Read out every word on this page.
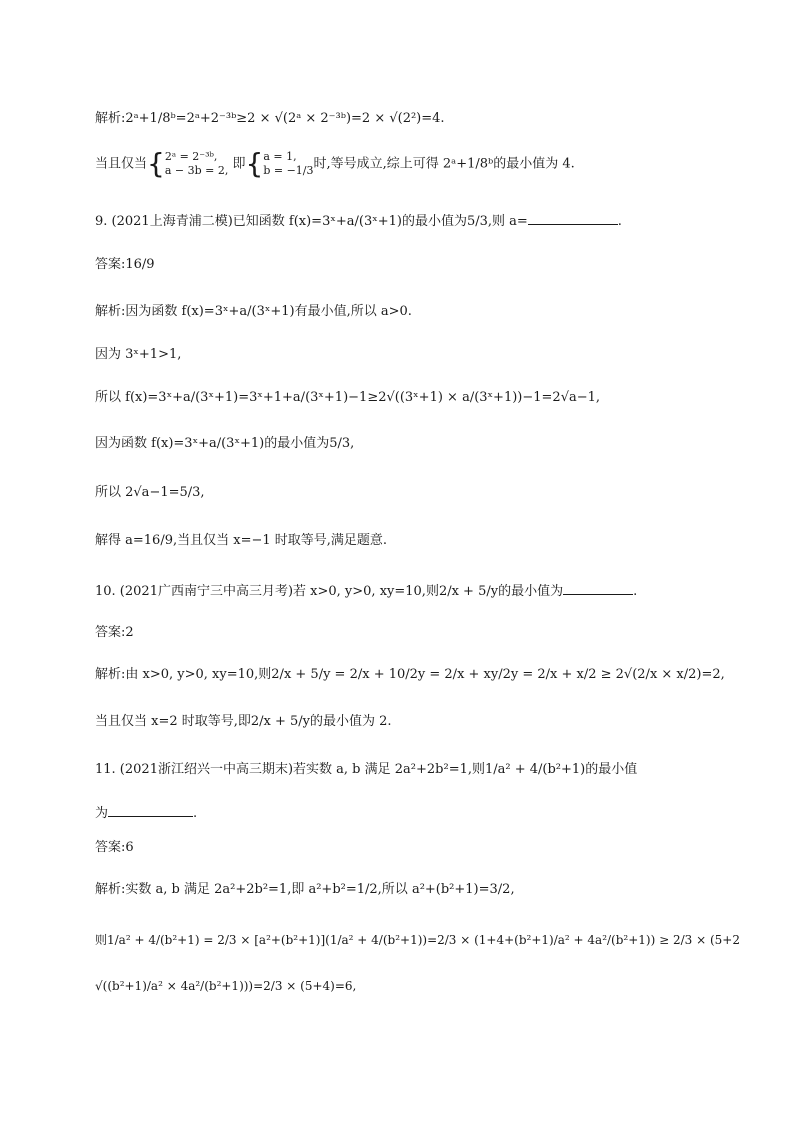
解析:2ᵃ+1/8ᵇ=2ᵃ+2⁻³ᵇ≥2 × √(2ᵃ × 2⁻³ᵇ)=2 × √(2²)=4.
当且仅当{ 2ᵃ = 2⁻³ᵇ,
a − 3b = 2, 即{ a = 1,
b = −1/3 时,等号成立,综上可得 2ᵃ+1/8ᵇ的最小值为 4.
9. (2021上海青浦二模)已知函数 f(x)=3ˣ+a/(3ˣ+1)的最小值为5/3,则 a=	.
答案:16/9
解析:因为函数 f(x)=3ˣ+a/(3ˣ+1)有最小值,所以 a>0.
因为 3ˣ+1>1,
所以 f(x)=3ˣ+a/(3ˣ+1)=3ˣ+1+a/(3ˣ+1)−1≥2√((3ˣ+1) × a/(3ˣ+1))−1=2√a−1,
因为函数 f(x)=3ˣ+a/(3ˣ+1)的最小值为5/3,
所以 2√a−1=5/3,
解得 a=16/9,当且仅当 x=−1 时取等号,满足题意.
10. (2021广西南宁三中高三月考)若 x>0, y>0, xy=10,则2/x + 5/y的最小值为	.
答案:2
解析:由 x>0, y>0, xy=10,则2/x + 5/y = 2/x + 10/2y = 2/x + xy/2y = 2/x + x/2 ≥ 2√(2/x × x/2)=2,
当且仅当 x=2 时取等号,即2/x + 5/y的最小值为 2.
11. (2021浙江绍兴一中高三期末)若实数 a, b 满足 2a²+2b²=1,则1/a² + 4/(b²+1)的最小值
为	.
答案:6
解析:实数 a, b 满足 2a²+2b²=1,即 a²+b²=1/2,所以 a²+(b²+1)=3/2,
则1/a² + 4/(b²+1) = 2/3 × [a²+(b²+1)](1/a² + 4/(b²+1))=2/3 × (1+4+(b²+1)/a² + 4a²/(b²+1)) ≥ 2/3 × (5+2
√((b²+1)/a² × 4a²/(b²+1)))=2/3 × (5+4)=6,
